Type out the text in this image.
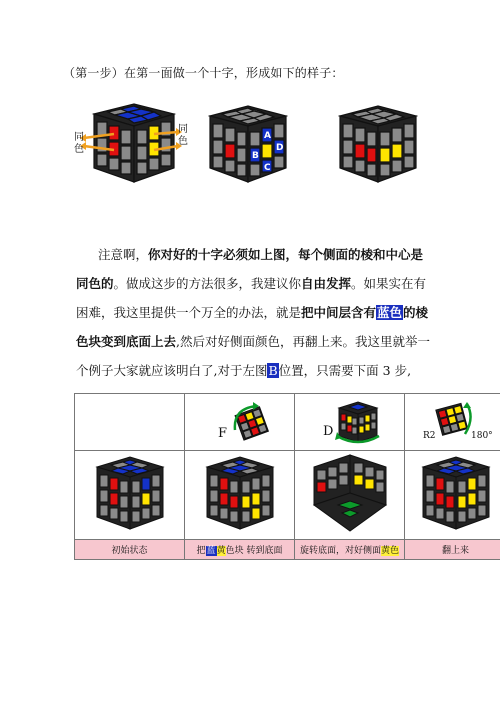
（第一步）在第一面做一个十字，形成如下的样子：
同
色
同
色	A
B
C
D
注意啊，你对好的十字必须如上图，每个侧面的棱和中心是同色的。做成这步的方法很多，我建议你自由发挥。如果实在有困难，我这里提供一个万全的办法，就是把中间层含有蓝色的棱色块变到底面上去,然后对好侧面颜色，再翻上来。我这里就举一个例子大家就应该明白了,对于左图B位置，只需要下面 3 步,

	F	D	R2 180°

初始状态	把蓝黄色块 转到底面	旋转底面，对好侧面黄色	翻上来
